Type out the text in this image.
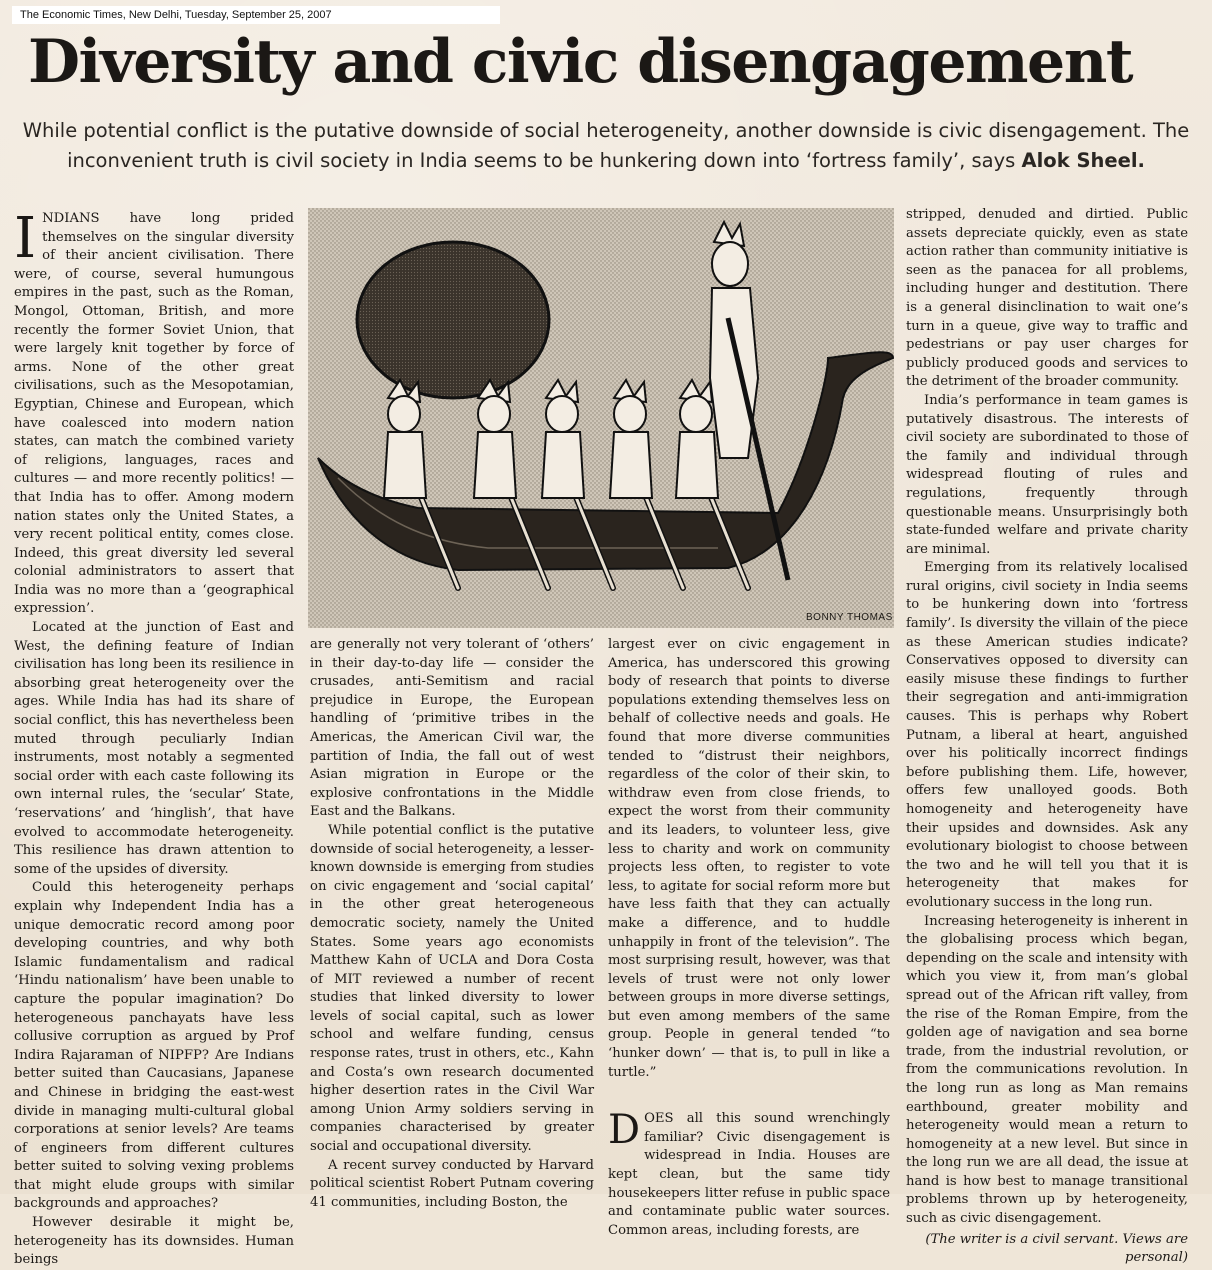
The Economic Times, New Delhi, Tuesday, September 25, 2007
Diversity and civic disengagement
While potential conflict is the putative downside of social heterogeneity, another downside is civic disengagement. The inconvenient truth is civil society in India seems to be hunkering down into ‘fortress family’, says Alok Sheel.

INDIANS have long prided themselves on the singular diversity of their ancient civilisation. There were, of course, several humungous empires in the past, such as the Roman, Mongol, Ottoman, British, and more recently the former Soviet Union, that were largely knit together by force of arms. None of the other great civilisations, such as the Mesopotamian, Egyptian, Chinese and European, which have coalesced into modern nation states, can match the combined variety of religions, languages, races and cultures — and more recently politics! — that India has to offer. Among modern nation states only the United States, a very recent political entity, comes close. Indeed, this great diversity led several colonial administrators to assert that India was no more than a ‘geographical expression’.

Located at the junction of East and West, the defining feature of Indian civilisation has long been its resilience in absorbing great heterogeneity over the ages. While India has had its share of social conflict, this has nevertheless been muted through peculiarly Indian instruments, most notably a segmented social order with each caste following its own internal rules, the ‘secular’ State, ‘reservations’ and ‘hinglish’, that have evolved to accommodate heterogeneity. This resilience has drawn attention to some of the upsides of diversity.

Could this heterogeneity perhaps explain why Independent India has a unique democratic record among poor developing countries, and why both Islamic fundamentalism and radical ‘Hindu nationalism’ have been unable to capture the popular imagination? Do heterogeneous panchayats have less collusive corruption as argued by Prof Indira Rajaraman of NIPFP? Are Indians better suited than Caucasians, Japanese and Chinese in bridging the east-west divide in managing multi-cultural global corporations at senior levels? Are teams of engineers from different cultures better suited to solving vexing problems that might elude groups with similar backgrounds and approaches?

However desirable it might be, heterogeneity has its downsides. Human beings

BONNY THOMAS

are generally not very tolerant of ‘others’ in their day-to-day life — consider the crusades, anti-Semitism and racial prejudice in Europe, the European handling of ‘primitive tribes in the Americas, the American Civil war, the partition of India, the fall out of west Asian migration in Europe or the explosive confrontations in the Middle East and the Balkans.

While potential conflict is the putative downside of social heterogeneity, a lesser-known downside is emerging from studies on civic engagement and ‘social capital’ in the other great heterogeneous democratic society, namely the United States. Some years ago economists Matthew Kahn of UCLA and Dora Costa of MIT reviewed a number of recent studies that linked diversity to lower levels of social capital, such as lower school and welfare funding, census response rates, trust in others, etc., Kahn and Costa’s own research documented higher desertion rates in the Civil War among Union Army soldiers serving in companies characterised by greater social and occupational diversity.

A recent survey conducted by Harvard political scientist Robert Putnam covering 41 communities, including Boston, the

largest ever on civic engagement in America, has underscored this growing body of research that points to diverse populations extending themselves less on behalf of collective needs and goals. He found that more diverse communities tended to “distrust their neighbors, regardless of the color of their skin, to withdraw even from close friends, to expect the worst from their community and its leaders, to volunteer less, give less to charity and work on community projects less often, to register to vote less, to agitate for social reform more but have less faith that they can actually make a difference, and to huddle unhappily in front of the television”. The most surprising result, however, was that levels of trust were not only lower between groups in more diverse settings, but even among members of the same group. People in general tended “to ‘hunker down’ — that is, to pull in like a turtle.”

DOES all this sound wrenchingly familiar? Civic disengagement is widespread in India. Houses are kept clean, but the same tidy housekeepers litter refuse in public space and contaminate public water sources. Common areas, including forests, are

stripped, denuded and dirtied. Public assets depreciate quickly, even as state action rather than community initiative is seen as the panacea for all problems, including hunger and destitution. There is a general disinclination to wait one’s turn in a queue, give way to traffic and pedestrians or pay user charges for publicly produced goods and services to the detriment of the broader community.

India’s performance in team games is putatively disastrous. The interests of civil society are subordinated to those of the family and individual through widespread flouting of rules and regulations, frequently through questionable means. Unsurprisingly both state-funded welfare and private charity are minimal.

Emerging from its relatively localised rural origins, civil society in India seems to be hunkering down into ‘fortress family’. Is diversity the villain of the piece as these American studies indicate? Conservatives opposed to diversity can easily misuse these findings to further their segregation and anti-immigration causes. This is perhaps why Robert Putnam, a liberal at heart, anguished over his politically incorrect findings before publishing them. Life, however, offers few unalloyed goods. Both homogeneity and heterogeneity have their upsides and downsides. Ask any evolutionary biologist to choose between the two and he will tell you that it is heterogeneity that makes for evolutionary success in the long run.

Increasing heterogeneity is inherent in the globalising process which began, depending on the scale and intensity with which you view it, from man’s global spread out of the African rift valley, from the rise of the Roman Empire, from the golden age of navigation and sea borne trade, from the industrial revolution, or from the communications revolution. In the long run as long as Man remains earthbound, greater mobility and heterogeneity would mean a return to homogeneity at a new level. But since in the long run we are all dead, the issue at hand is how best to manage transitional problems thrown up by heterogeneity, such as civic disengagement.

(The writer is a civil servant. Views are personal)
